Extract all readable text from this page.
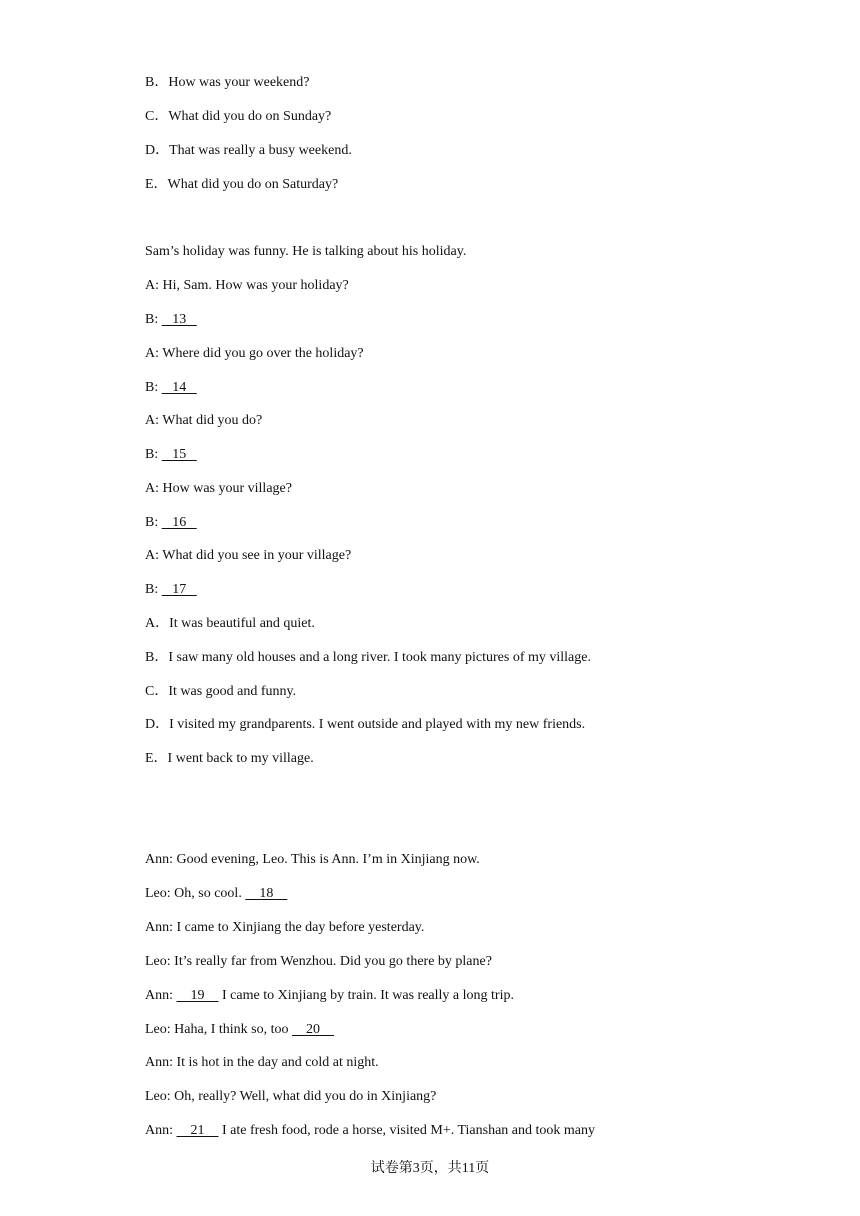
B．How was your weekend?
C．What did you do on Sunday?
D．That was really a busy weekend.
E．What did you do on Saturday?
Sam’s holiday was funny. He is talking about his holiday.
A: Hi, Sam. How was your holiday?
B:    13
A: Where did you go over the holiday?
B:    14
A: What did you do?
B:    15
A: How was your village?
B:    16
A: What did you see in your village?
B:    17
A．It was beautiful and quiet.
B．I saw many old houses and a long river. I took many pictures of my village.
C．It was good and funny.
D．I visited my grandparents. I went outside and played with my new friends.
E．I went back to my village.
Ann: Good evening, Leo. This is Ann. I’m in Xinjiang now.
Leo: Oh, so cool.     18
Ann: I came to Xinjiang the day before yesterday.
Leo: It’s really far from Wenzhou. Did you go there by plane?
Ann:     19     I came to Xinjiang by train. It was really a long trip.
Leo: Haha, I think so, too     20
Ann: It is hot in the day and cold at night.
Leo: Oh, really? Well, what did you do in Xinjiang?
Ann:     21     I ate fresh food, rode a horse, visited M+. Tianshan and took many
试卷第3页，共11页
